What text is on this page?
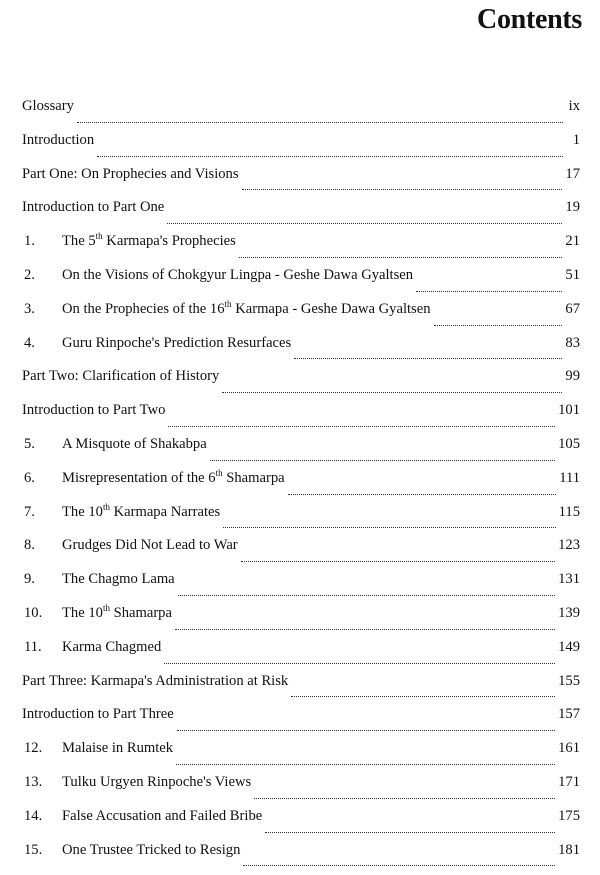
Contents
Glossary	ix
Introduction	1
Part One: On Prophecies and Visions	17
Introduction to Part One	19
1.	The 5th Karmapa's Prophecies	21
2.	On the Visions of Chokgyur Lingpa - Geshe Dawa Gyaltsen	51
3.	On the Prophecies of the 16th Karmapa - Geshe Dawa Gyaltsen	67
4.	Guru Rinpoche's Prediction Resurfaces	83
Part Two: Clarification of History	99
Introduction to Part Two	101
5.	A Misquote of Shakabpa	105
6.	Misrepresentation of the 6th Shamarpa	111
7.	The 10th Karmapa Narrates	115
8.	Grudges Did Not Lead to War	123
9.	The Chagmo Lama	131
10.	The 10th Shamarpa	139
11.	Karma Chagmed	149
Part Three: Karmapa's Administration at Risk	155
Introduction to Part Three	157
12.	Malaise in Rumtek	161
13.	Tulku Urgyen Rinpoche's Views	171
14.	False Accusation and Failed Bribe	175
15.	One Trustee Tricked to Resign	181
